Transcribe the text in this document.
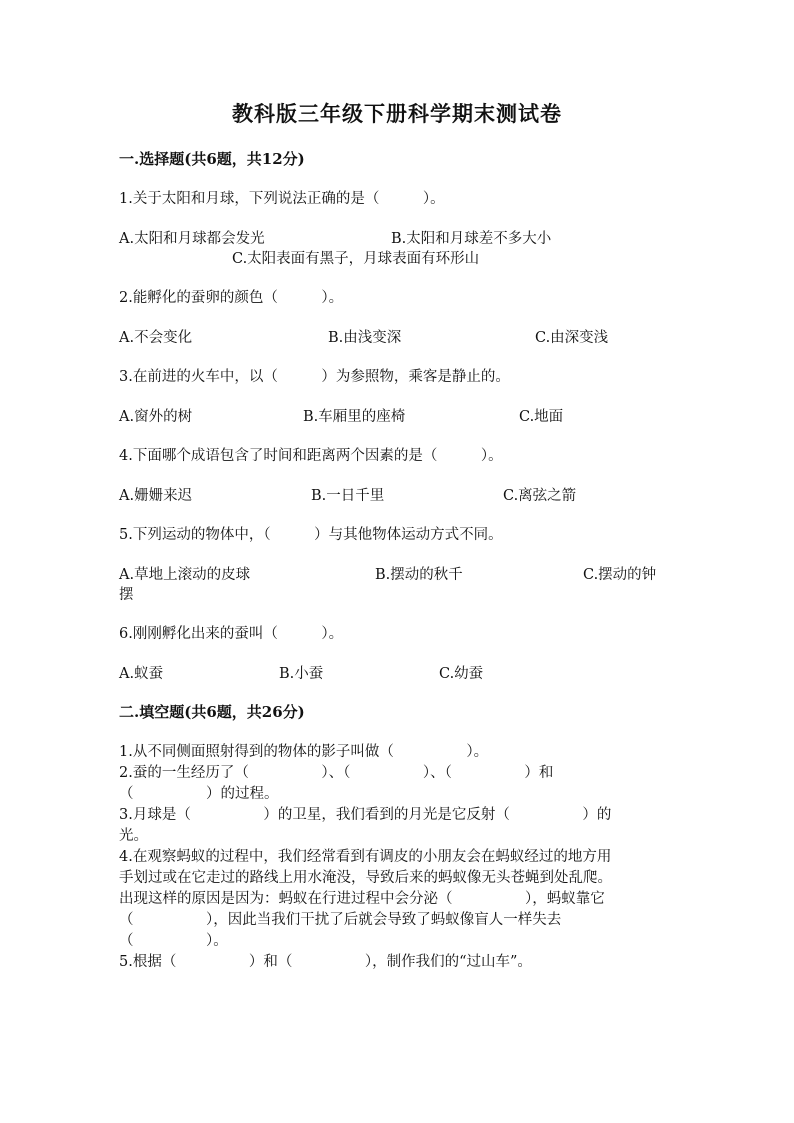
教科版三年级下册科学期末测试卷
一.选择题(共6题，共12分)
1.关于太阳和月球，下列说法正确的是（　　　）。
A.太阳和月球都会发光	B.太阳和月球差不多大小
C.太阳表面有黑子，月球表面有环形山
2.能孵化的蚕卵的颜色（　　　）。
A.不会变化	B.由浅变深	C.由深变浅
3.在前进的火车中，以（　　　）为参照物，乘客是静止的。
A.窗外的树	B.车厢里的座椅	C.地面
4.下面哪个成语包含了时间和距离两个因素的是（　　　）。
A.姗姗来迟	B.一日千里	C.离弦之箭
5.下列运动的物体中，（　　　）与其他物体运动方式不同。
A.草地上滚动的皮球	B.摆动的秋千	C.摆动的钟
摆
6.刚刚孵化出来的蚕叫（　　　）。
A.蚁蚕	B.小蚕	C.幼蚕
二.填空题(共6题，共26分)
1.从不同侧面照射得到的物体的影子叫做（　　　　　）。
2.蚕的一生经历了（　　　　　）、（　　　　　）、（　　　　　）和
（　　　　　）的过程。
3.月球是（　　　　　）的卫星，我们看到的月光是它反射（　　　　　）的
光。
4.在观察蚂蚁的过程中，我们经常看到有调皮的小朋友会在蚂蚁经过的地方用
手划过或在它走过的路线上用水淹没，导致后来的蚂蚁像无头苍蝇到处乱爬。
出现这样的原因是因为：蚂蚁在行进过程中会分泌（　　　　　），蚂蚁靠它
（　　　　　），因此当我们干扰了后就会导致了蚂蚁像盲人一样失去
（　　　　　）。
5.根据（　　　　　）和（　　　　　），制作我们的“过山车”。
